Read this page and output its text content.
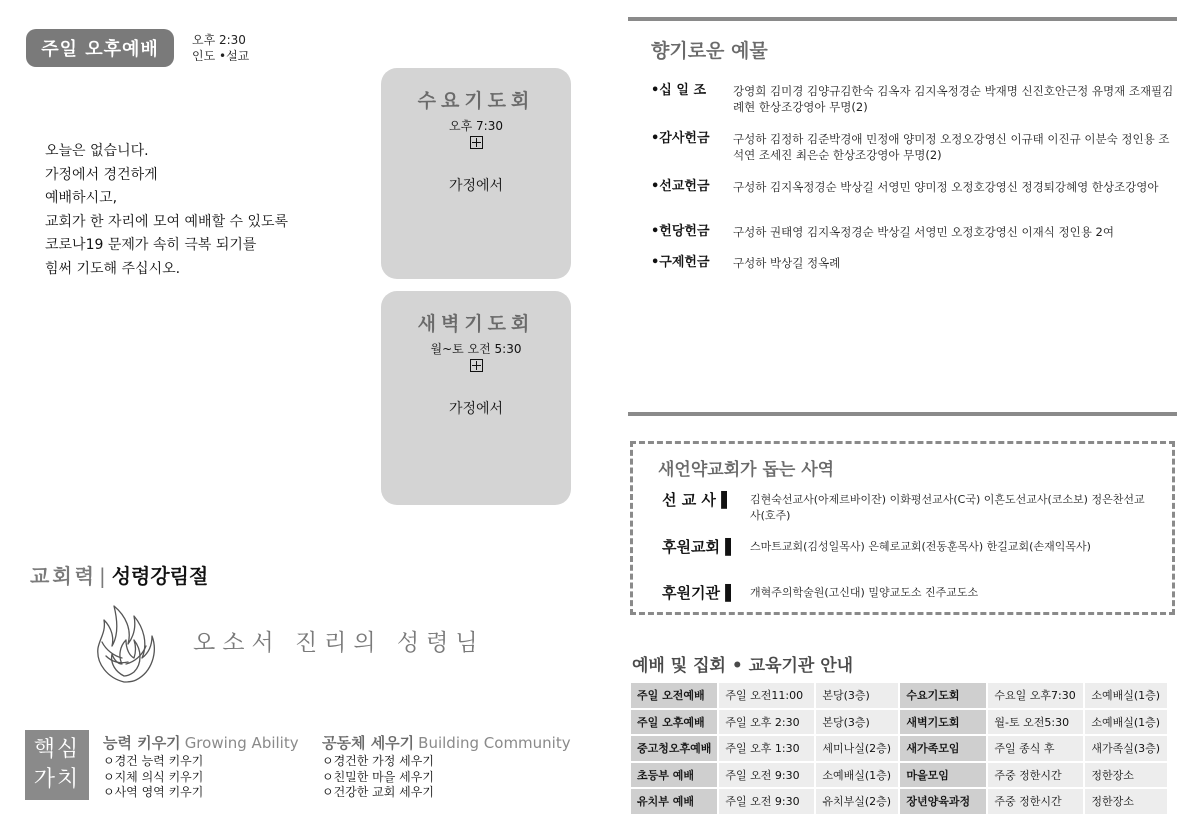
주일 오후예배	오후 2:30
인도 •설교
오늘은 없습니다.
가정에서 경건하게
예배하시고,
교회가 한 자리에 모여 예배할 수 있도록
코로나19 문제가 속히 극복 되기를
힘써 기도해 주십시오.
수요기도회
오후 7:30
가정에서
새벽기도회
월~토 오전 5:30
가정에서
교회력 | 성령강림절
오소서 진리의 성령님
핵심
가치
능력 키우기 Growing Ability
ㅇ경건 능력 키우기
ㅇ지체 의식 키우기
ㅇ사역 영역 키우기
공동체 세우기 Building Community
ㅇ경건한 가정 세우기
ㅇ친밀한 마을 세우기
ㅇ건강한 교회 세우기
향기로운 예물
•십 일 조	강영희 김미경 김양규김한숙 김옥자 김지옥정경순 박재명 신진호안근정 유명재 조재필김례현 한상조강영아 무명(2)
•감사헌금	구성하 김정하 김준박경애 민정애 양미정 오정오강영신 이규태 이진규 이분숙 정인용 조석연 조세진 최은순 한상조강영아 무명(2)
•선교헌금	구성하 김지옥정경순 박상길 서영민 양미정 오정호강영신 정경퇴강혜영 한상조강영아
•헌당헌금	구성하 권태영 김지옥정경순 박상길 서영민 오정호강영신 이재식 정인용 2여
•구제헌금	구성하 박상길 정옥례
새언약교회가 돕는 사역
선 교 사 ▌	김현숙선교사(아제르바이잔) 이화평선교사(C국) 이흔도선교사(코소보) 정은찬선교사(호주)
후원교회 ▌	스마트교회(김성일목사) 은혜로교회(전동훈목사) 한길교회(손재익목사)
후원기관 ▌	개혁주의학술원(고신대) 밀양교도소 진주교도소
예배 및 집회 • 교육기관 안내
주일 오전예배	주일 오전11:00	본당(3층)	수요기도회	수요일 오후7:30	소예배실(1층)
주일 오후예배	주일 오후 2:30	본당(3층)	새벽기도회	월-토 오전5:30	소예배실(1층)
중고청오후예배	주일 오후 1:30	세미나실(2층)	새가족모임	주일 종식 후	새가족실(3층)
초등부 예배	주일 오전 9:30	소예배실(1층)	마을모임	주중 정한시간	정한장소
유치부 예배	주일 오전 9:30	유치부실(2층)	장년양육과정	주중 정한시간	정한장소
